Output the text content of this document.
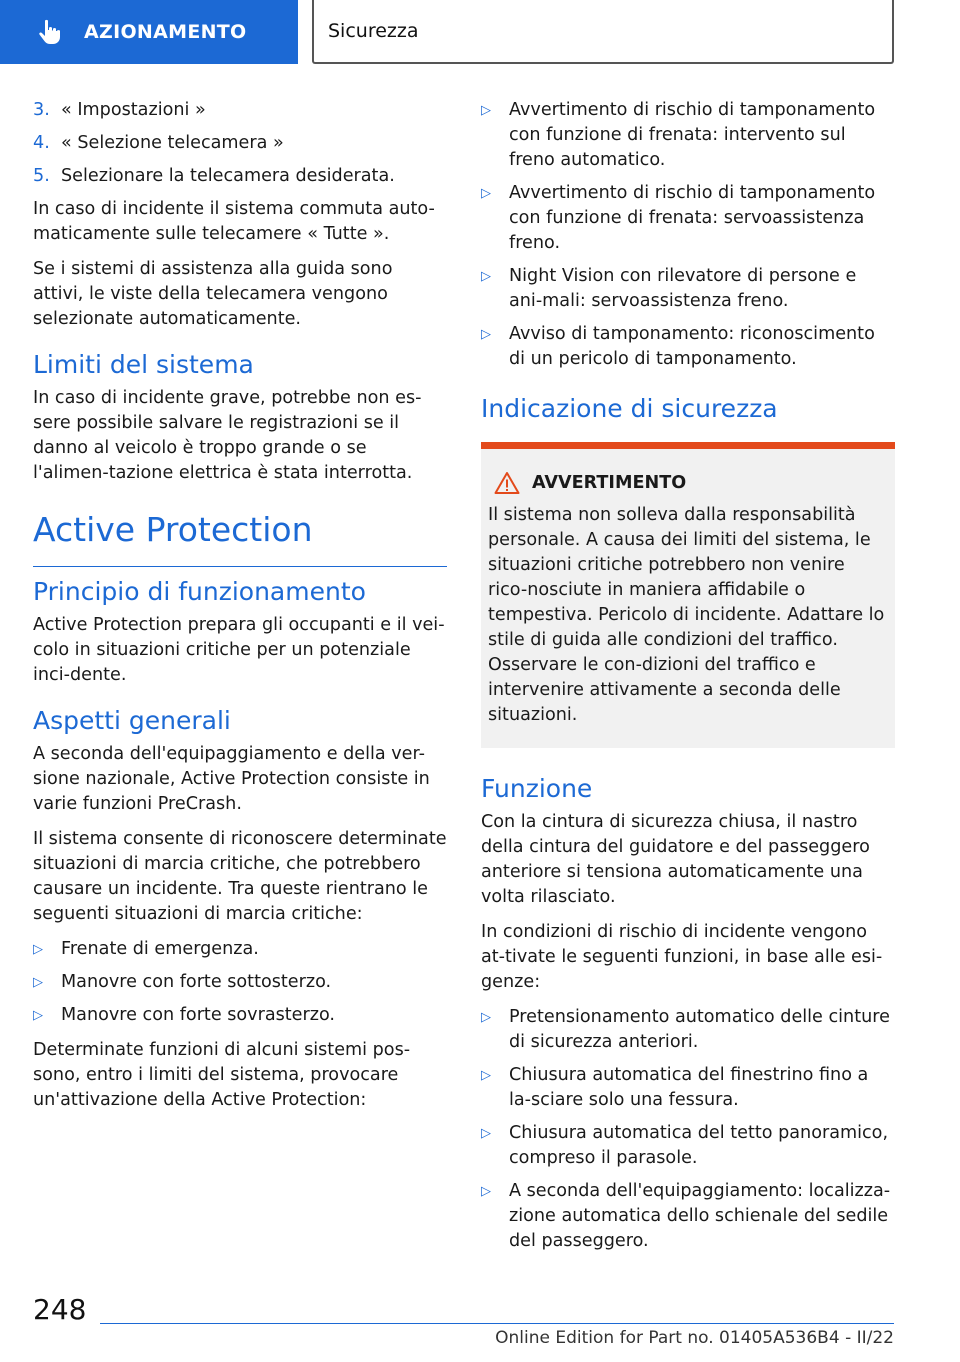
AZIONAMENTO	Sicurezza
3. « Impostazioni »
4. « Selezione telecamera »
5. Selezionare la telecamera desiderata.

In caso di incidente il sistema commuta auto-maticamente sulle telecamere « Tutte ».

Se i sistemi di assistenza alla guida sono attivi, le viste della telecamera vengono selezionate automaticamente.

Limiti del sistema

In caso di incidente grave, potrebbe non es-sere possibile salvare le registrazioni se il danno al veicolo è troppo grande o se l'alimen-tazione elettrica è stata interrotta.

Active Protection
Principio di funzionamento

Active Protection prepara gli occupanti e il vei-colo in situazioni critiche per un potenziale inci-dente.

Aspetti generali

A seconda dell'equipaggiamento e della ver-sione nazionale, Active Protection consiste in varie funzioni PreCrash.

Il sistema consente di riconoscere determinate situazioni di marcia critiche, che potrebbero causare un incidente. Tra queste rientrano le seguenti situazioni di marcia critiche:

▷	Frenate di emergenza.
▷	Manovre con forte sottosterzo.
▷	Manovre con forte sovrasterzo.

Determinate funzioni di alcuni sistemi pos-sono, entro i limiti del sistema, provocare un'attivazione della Active Protection:

▷	Avvertimento di rischio di tamponamento con funzione di frenata: intervento sul freno automatico.
▷	Avvertimento di rischio di tamponamento con funzione di frenata: servoassistenza freno.
▷	Night Vision con rilevatore di persone e ani-mali: servoassistenza freno.
▷	Avviso di tamponamento: riconoscimento di un pericolo di tamponamento.
Indicazione di sicurezza
AVVERTIMENTO

Il sistema non solleva dalla responsabilità personale. A causa dei limiti del sistema, le situazioni critiche potrebbero non venire rico-nosciute in maniera affidabile o tempestiva. Pericolo di incidente. Adattare lo stile di guida alle condizioni del traffico. Osservare le con-dizioni del traffico e intervenire attivamente a seconda delle situazioni.

Funzione

Con la cintura di sicurezza chiusa, il nastro della cintura del guidatore e del passeggero anteriore si tensiona automaticamente una volta rilasciato.

In condizioni di rischio di incidente vengono at-tivate le seguenti funzioni, in base alle esi-genze:

▷	Pretensionamento automatico delle cinture di sicurezza anteriori.
▷	Chiusura automatica del finestrino fino a la-sciare solo una fessura.
▷	Chiusura automatica del tetto panoramico, compreso il parasole.
▷	A seconda dell'equipaggiamento: localizza-zione automatica dello schienale del sedile del passeggero.
248
Online Edition for Part no. 01405A536B4 - II/22
